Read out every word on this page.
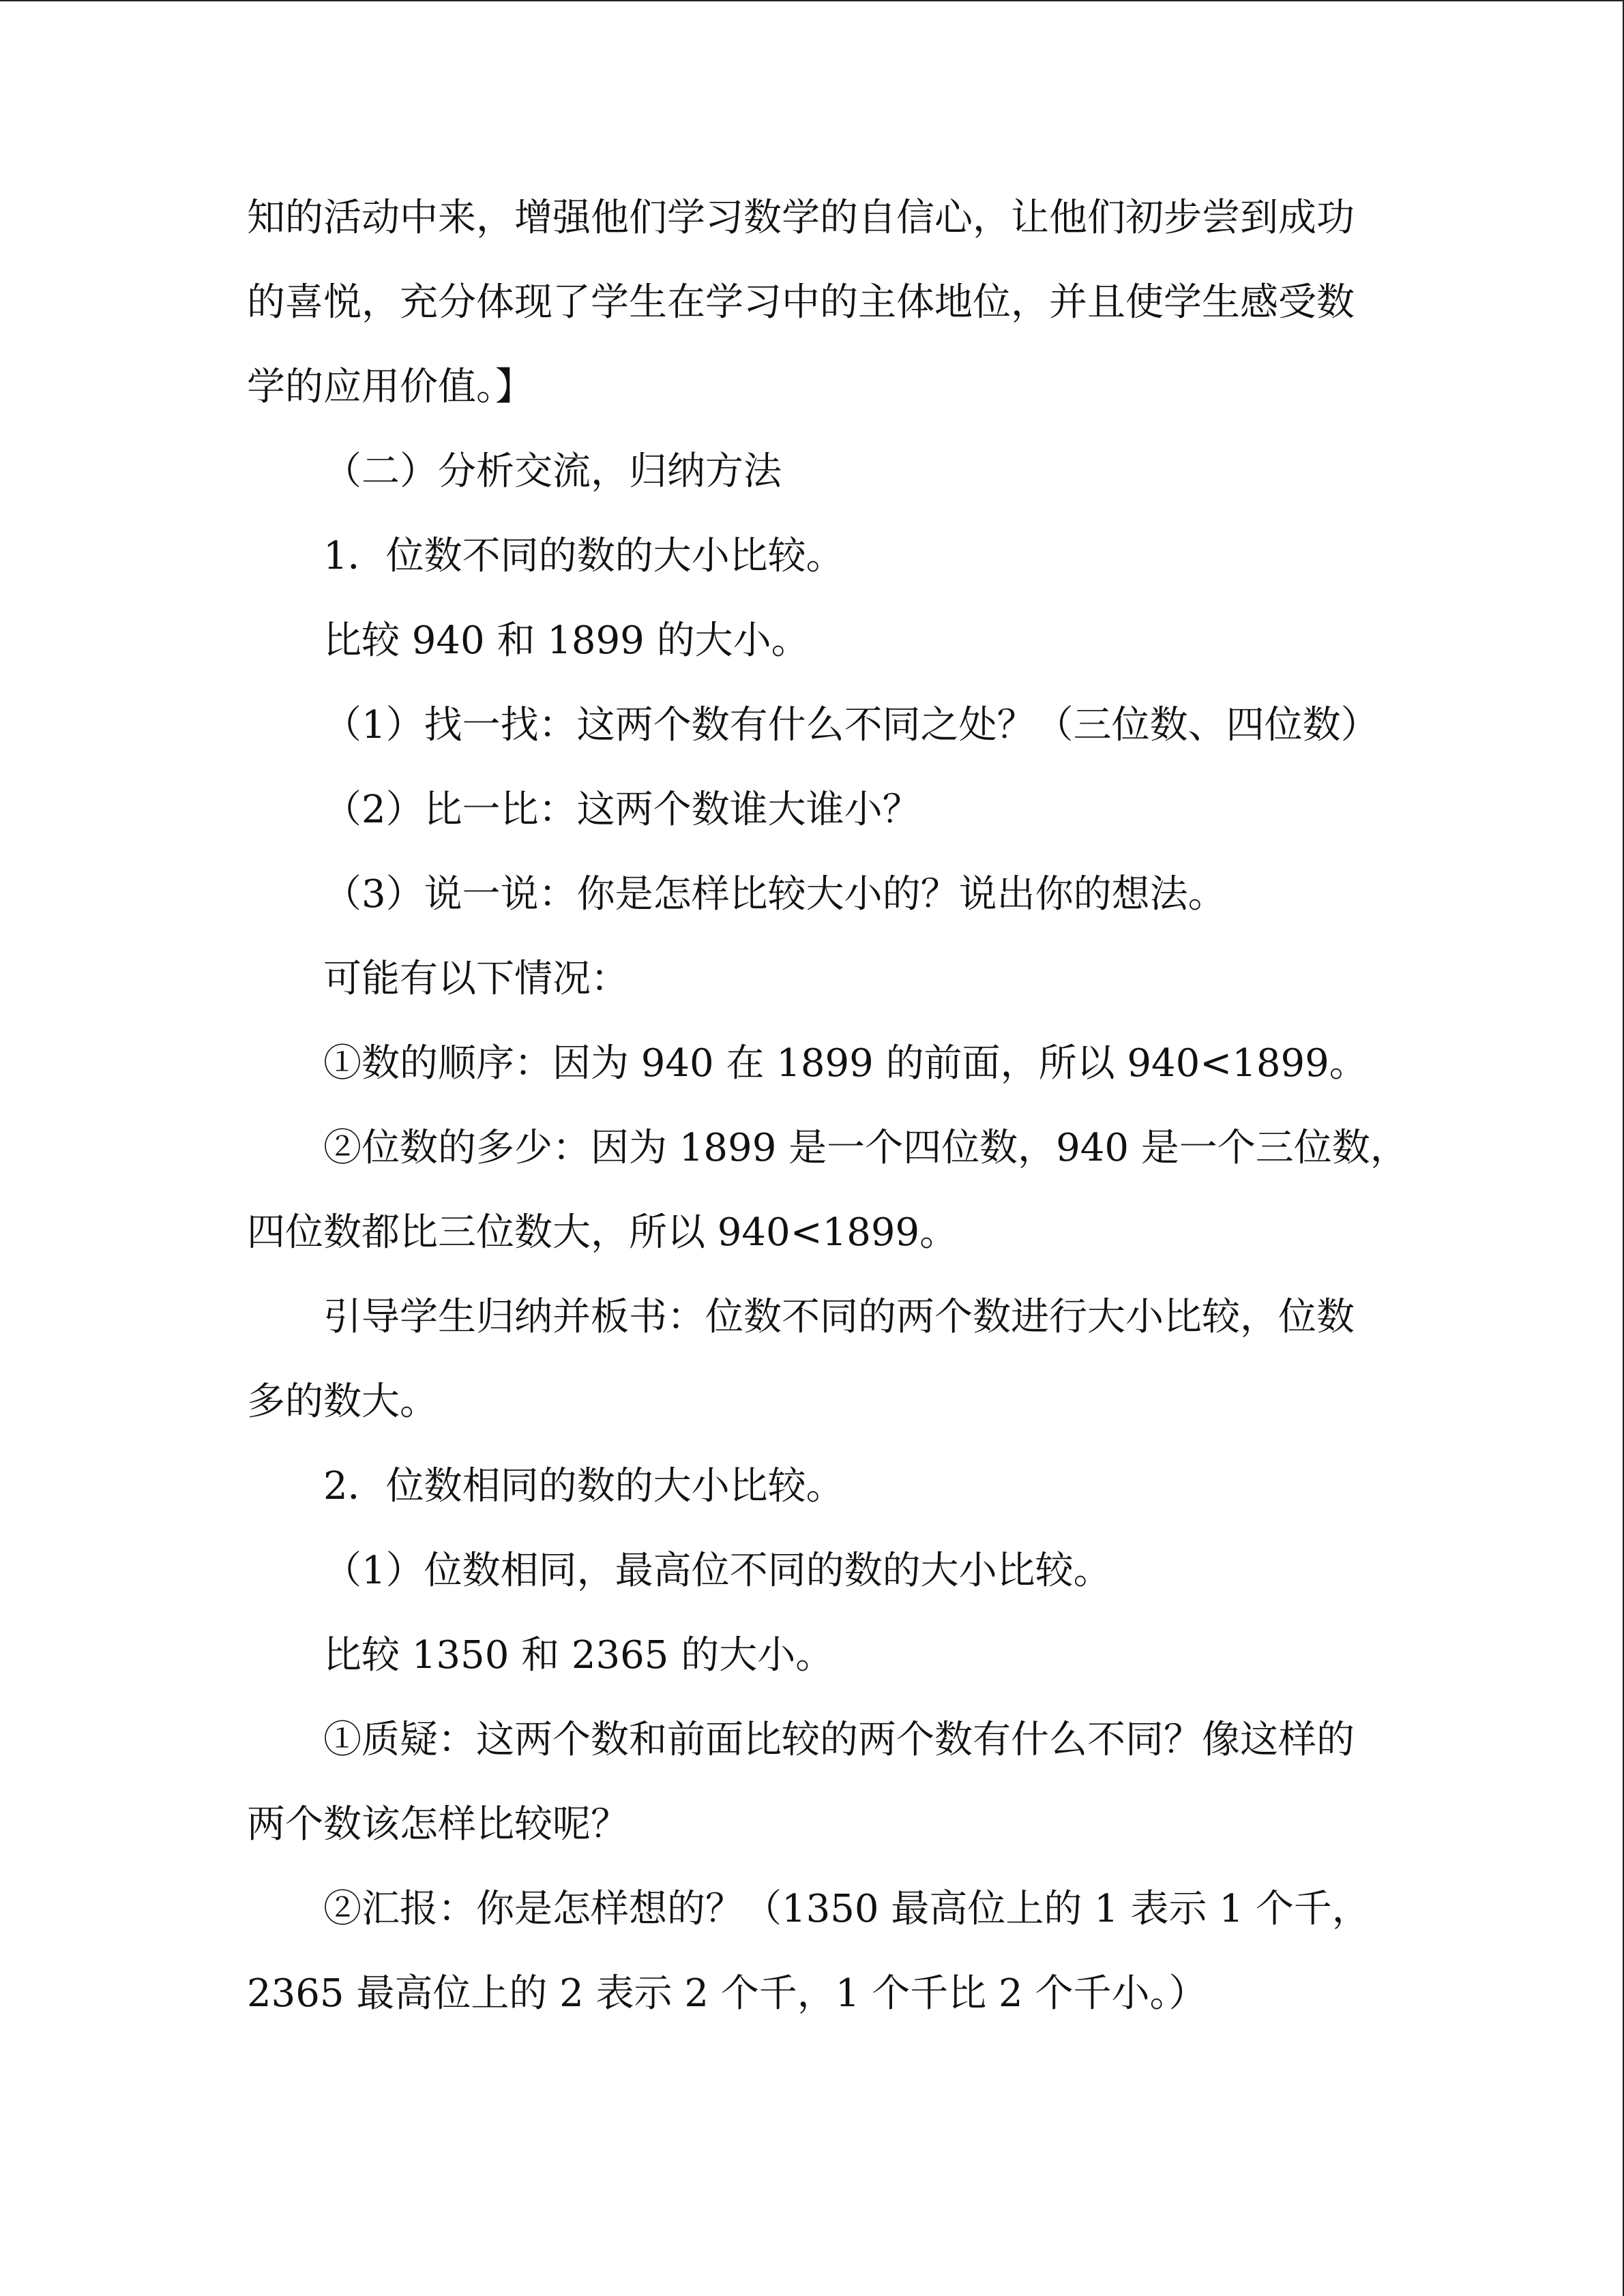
知的活动中来，增强他们学习数学的自信心，让他们初步尝到成功
的喜悦，充分体现了学生在学习中的主体地位，并且使学生感受数
学的应用价值。】
（二）分析交流，归纳方法
1．位数不同的数的大小比较。
比较 940 和 1899 的大小。
（1）找一找：这两个数有什么不同之处？（三位数、四位数）
（2）比一比：这两个数谁大谁小？
（3）说一说：你是怎样比较大小的？说出你的想法。
可能有以下情况：
①数的顺序：因为 940 在 1899 的前面，所以 940<1899。
②位数的多少：因为 1899 是一个四位数，940 是一个三位数，
四位数都比三位数大，所以 940<1899。
引导学生归纳并板书：位数不同的两个数进行大小比较，位数
多的数大。
2．位数相同的数的大小比较。
（1）位数相同，最高位不同的数的大小比较。
比较 1350 和 2365 的大小。
①质疑：这两个数和前面比较的两个数有什么不同？像这样的
两个数该怎样比较呢？
②汇报：你是怎样想的？（1350 最高位上的 1 表示 1 个千，
2365 最高位上的 2 表示 2 个千，1 个千比 2 个千小。）
